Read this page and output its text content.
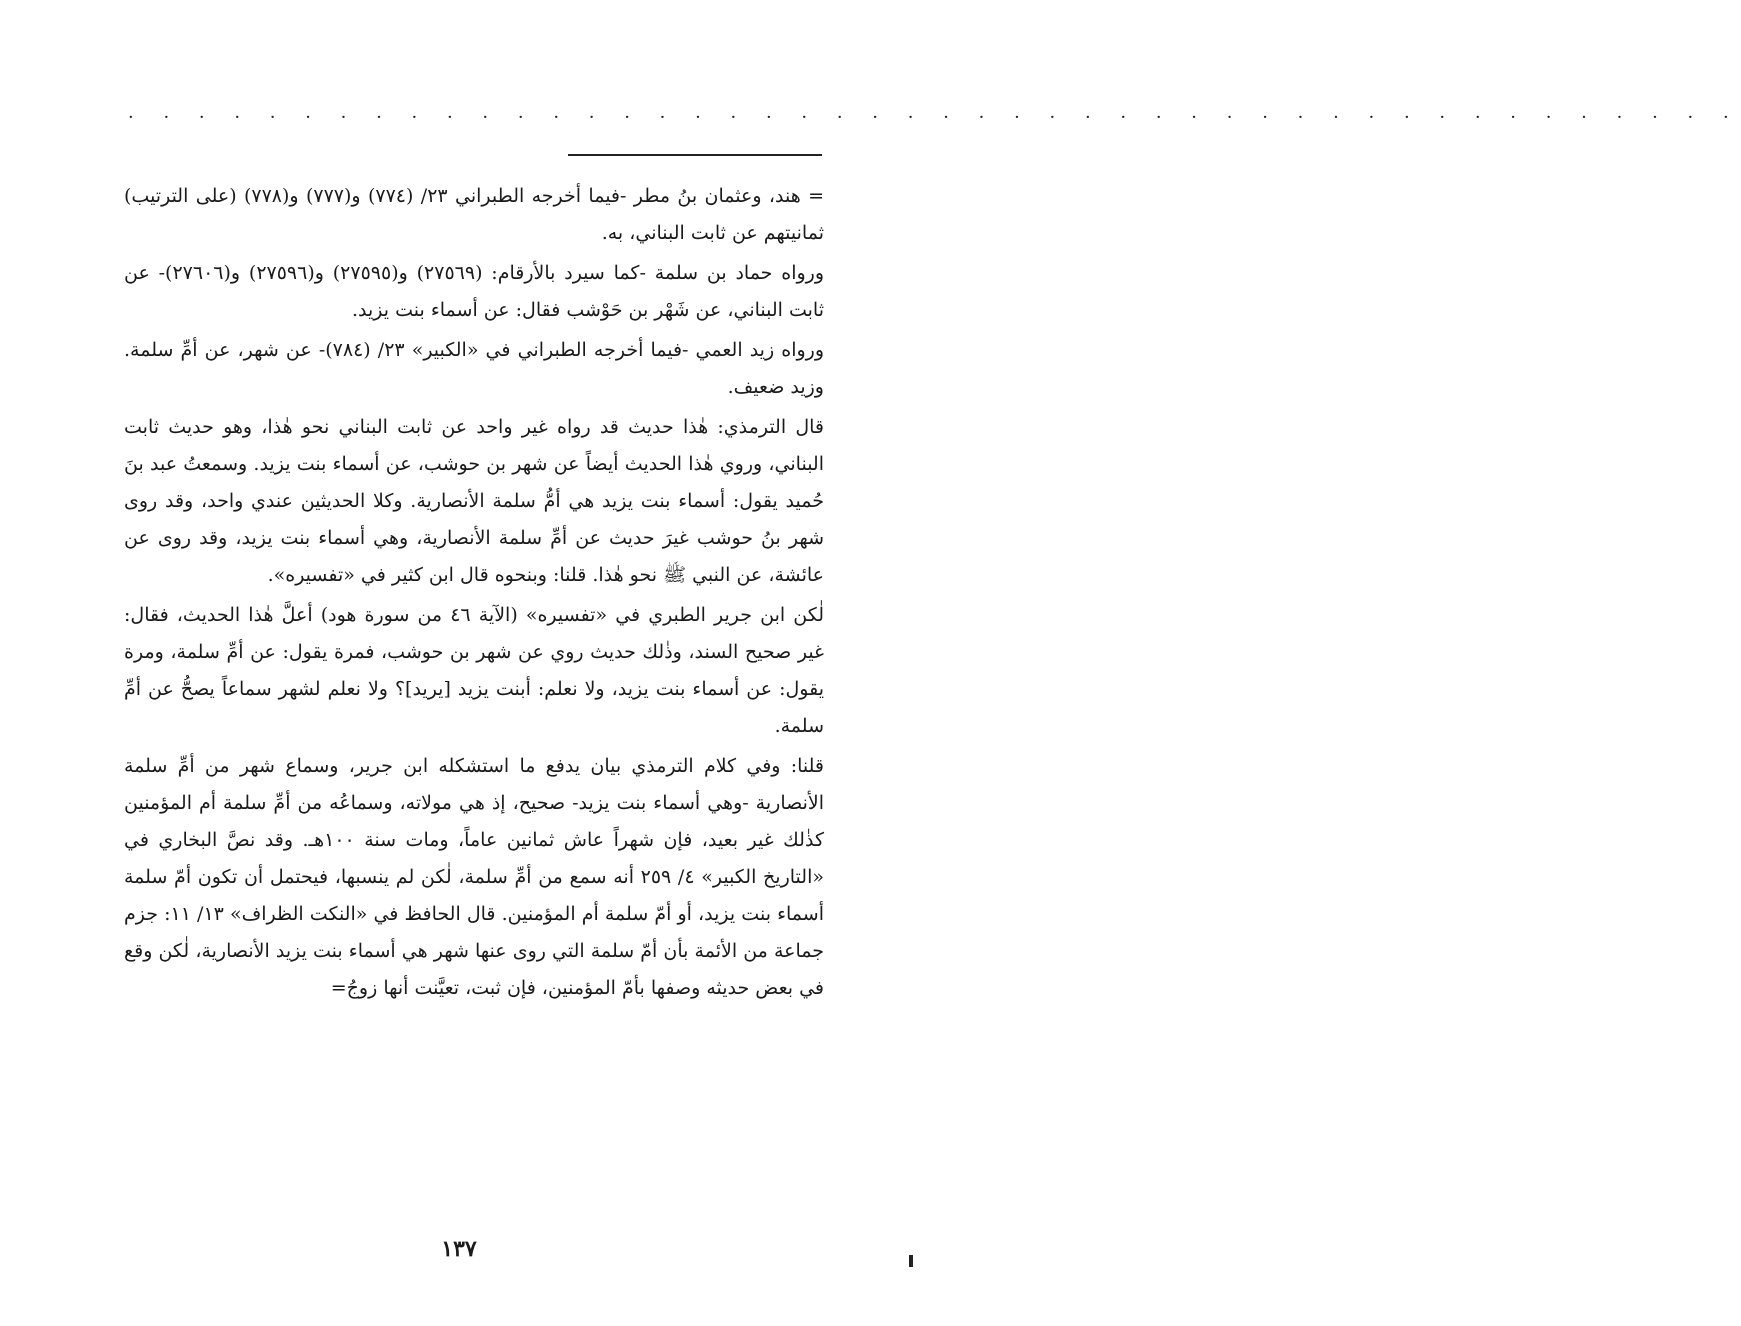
· · · · · · · · · · · · · · · · · · · · · · · · · · · · · · · · · · · · · · · · · · · · · ·

= هند، وعثمان بنُ مطر -فيما أخرجه الطبراني ٢٣/ (٧٧٤) و(٧٧٧) و(٧٧٨) (على الترتيب) ثمانيتهم عن ثابت البناني، به.

ورواه حماد بن سلمة -كما سيرد بالأرقام: (٢٧٥٦٩) و(٢٧٥٩٥) و(٢٧٥٩٦) و(٢٧٦٠٦)- عن ثابت البناني، عن شَهْر بن حَوْشب فقال: عن أسماء بنت يزيد.

ورواه زيد العمي -فيما أخرجه الطبراني في «الكبير» ٢٣/ (٧٨٤)- عن شهر، عن أمِّ سلمة. وزيد ضعيف.

قال الترمذي: هٰذا حديث قد رواه غير واحد عن ثابت البناني نحو هٰذا، وهو حديث ثابت البناني، وروي هٰذا الحديث أيضاً عن شهر بن حوشب، عن أسماء بنت يزيد. وسمعتُ عبد بنَ حُميد يقول: أسماء بنت يزيد هي أمُّ سلمة الأنصارية. وكلا الحديثين عندي واحد، وقد روى شهر بنُ حوشب غيرَ حديث عن أمِّ سلمة الأنصارية، وهي أسماء بنت يزيد، وقد روى عن عائشة، عن النبي ﷺ نحو هٰذا. قلنا: وبنحوه قال ابن كثير في «تفسيره».

لٰكن ابن جرير الطبري في «تفسيره» (الآية ٤٦ من سورة هود) أعلَّ هٰذا الحديث، فقال: غير صحيح السند، وذٰلك حديث روي عن شهر بن حوشب، فمرة يقول: عن أمِّ سلمة، ومرة يقول: عن أسماء بنت يزيد، ولا نعلم: أبنت يزيد [يريد]؟ ولا نعلم لشهر سماعاً يصحُّ عن أمِّ سلمة.

قلنا: وفي كلام الترمذي بيان يدفع ما استشكله ابن جرير، وسماع شهر من أمِّ سلمة الأنصارية -وهي أسماء بنت يزيد- صحيح، إذ هي مولاته، وسماعُه من أمِّ سلمة أم المؤمنين كذٰلك غير بعيد، فإن شهراً عاش ثمانين عاماً، ومات سنة ١٠٠هـ. وقد نصَّ البخاري في «التاريخ الكبير» ٤/ ٢٥٩ أنه سمع من أمِّ سلمة، لٰكن لم ينسبها، فيحتمل أن تكون أمّ سلمة أسماء بنت يزيد، أو أمّ سلمة أم المؤمنين. قال الحافظ في «النكت الظراف» ١٣/ ١١: جزم جماعة من الأئمة بأن أمّ سلمة التي روى عنها شهر هي أسماء بنت يزيد الأنصارية، لٰكن وقع في بعض حديثه وصفها بأمّ المؤمنين، فإن ثبت، تعيَّنت أنها زوجُ=

١٣٧
